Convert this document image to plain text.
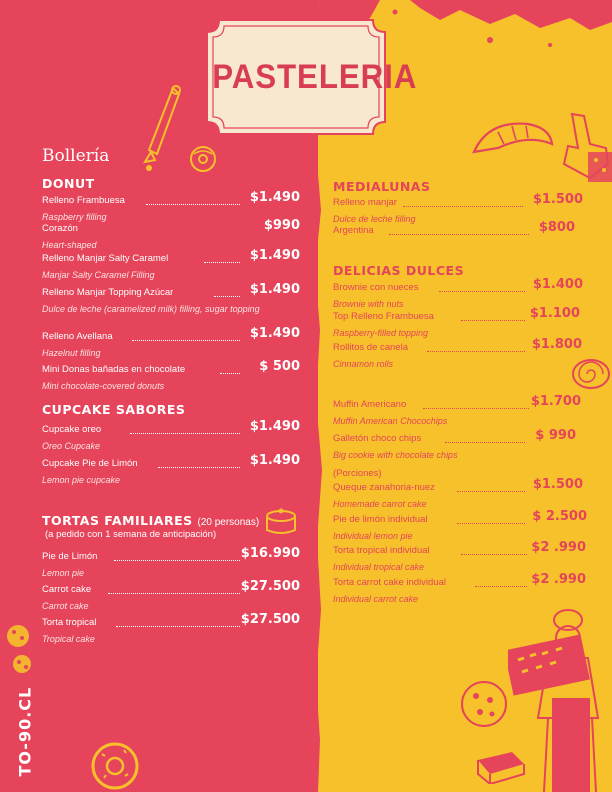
PASTELERIA
Bollería
DONUT
Relleno Frambuesa
Raspberry filling
$1.490
Corazón
Heart-shaped
$990
Relleno Manjar Salty Caramel
Manjar Salty Caramel Filling
$1.490
Relleno Manjar Topping Azúcar
Dulce de leche (caramelized milk) filling, sugar topping
$1.490
Relleno Avellana
Hazelnut filling
$1.490
Mini Donas bañadas en chocolate
Mini chocolate-covered donuts
$ 500
CUPCAKE SABORES
Cupcake oreo
Oreo Cupcake
$1.490
Cupcake Pie de Limón
Lemon pie cupcake
$1.490
TORTAS FAMILIARES (20 personas)
(a pedido con 1 semana de anticipación)
Pie de Limón
Lemon pie
$16.990
Carrot cake
Carrot cake
$27.500
Torta tropical
Tropical cake
$27.500
TO-90.CL
MEDIALUNAS
Relleno manjar
Dulce de leche filling
$1.500
Argentina	$800
DELICIAS DULCES
Brownie con nueces
Brownie with nuts
$1.400
Top Relleno Frambuesa
Raspberry-filled topping
$1.100
Rollitos de canela
Cinnamon rolls
$1.800
Muffin Americano
Muffin American Chocochips
$1.700
Galletón choco chips
Big cookie with chocolate chips
$ 990
(Porciones)
Queque zanahoria-nuez
Homemade carrot cake
$1.500
Pie de limón individual
Individual lemon pie
$ 2.500
Torta tropical individual
Individual tropical cake
$2 .990
Torta carrot cake individual
Individual carrot cake
$2 .990
